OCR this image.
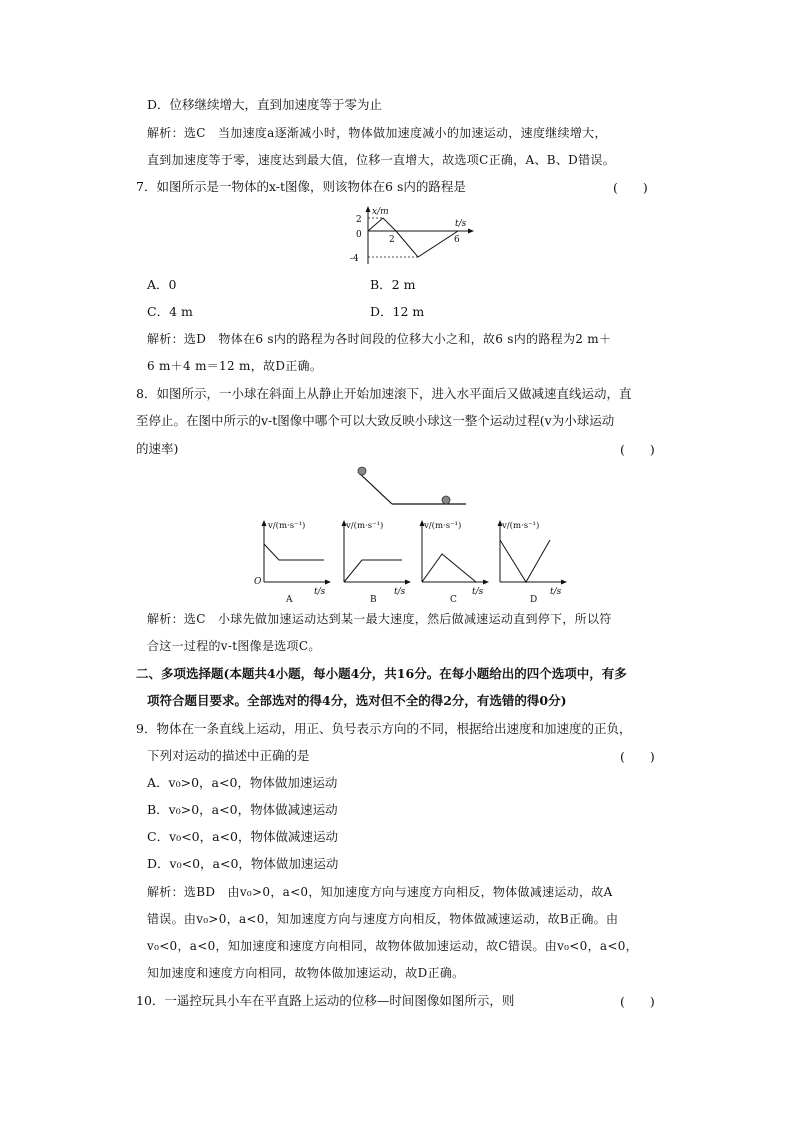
D．位移继续增大，直到加速度等于零为止
解析：选C　当加速度a逐渐减小时，物体做加速度减小的加速运动，速度继续增大，
直到加速度等于零，速度达到最大值，位移一直增大，故选项C正确，A、B、D错误。
7．如图所示是一物体的x-t图像，则该物体在6 s内的路程是	(　　)
x/m
t/s
2
0
-4
2	6
A．0	B．2 m
C．4 m	D．12 m
解析：选D　物体在6 s内的路程为各时间段的位移大小之和，故6 s内的路程为2 m＋
6 m＋4 m＝12 m，故D正确。
8．如图所示，一小球在斜面上从静止开始加速滚下，进入水平面后又做减速直线运动，直
至停止。在图中所示的v-t图像中哪个可以大致反映小球这一整个运动过程(v为小球运动
的速率)	(　　)
v/(m·s⁻¹)
O
t/s
A
v/(m·s⁻¹)
t/s
B
v/(m·s⁻¹)
t/s
C
v/(m·s⁻¹)
t/s
D
解析：选C　小球先做加速运动达到某一最大速度，然后做减速运动直到停下，所以符
合这一过程的v-t图像是选项C。
二、多项选择题(本题共4小题，每小题4分，共16分。在每小题给出的四个选项中，有多
项符合题目要求。全部选对的得4分，选对但不全的得2分，有选错的得0分)
9．物体在一条直线上运动，用正、负号表示方向的不同，根据给出速度和加速度的正负，
下列对运动的描述中正确的是	(　　)
A．v₀>0，a<0，物体做加速运动
B．v₀>0，a<0，物体做减速运动
C．v₀<0，a<0，物体做减速运动
D．v₀<0，a<0，物体做加速运动
解析：选BD　由v₀>0，a<0，知加速度方向与速度方向相反，物体做减速运动，故A
错误。由v₀>0，a<0，知加速度方向与速度方向相反，物体做减速运动，故B正确。由
v₀<0，a<0，知加速度和速度方向相同，故物体做加速运动，故C错误。由v₀<0，a<0，
知加速度和速度方向相同，故物体做加速运动，故D正确。
10．一遥控玩具小车在平直路上运动的位移—时间图像如图所示，则	(　　)
